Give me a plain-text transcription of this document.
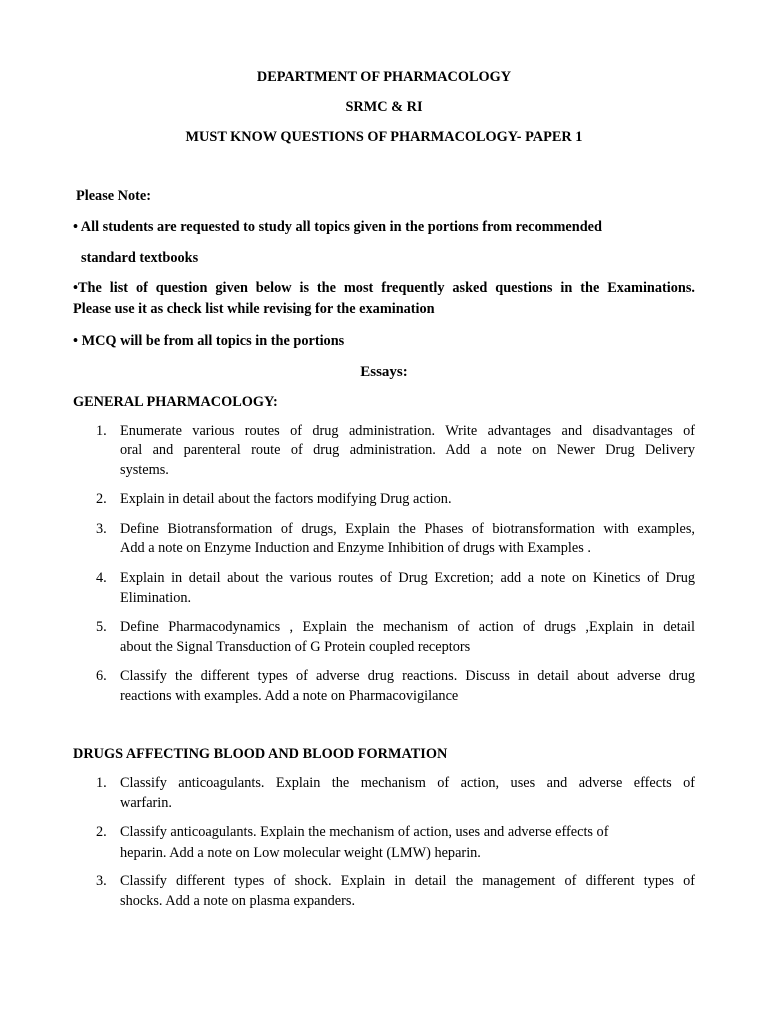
DEPARTMENT OF PHARMACOLOGY
SRMC & RI
MUST KNOW QUESTIONS OF PHARMACOLOGY- PAPER 1
Please Note:
• All students are requested to study all topics given in the portions from recommended
standard textbooks
•The list of question given below is the most frequently asked questions in the Examinations.
Please use it as check list while revising for the examination
• MCQ will be from all topics in the portions
Essays:
GENERAL PHARMACOLOGY:
1. Enumerate various routes of drug administration. Write advantages and disadvantages of
oral and parenteral route of drug administration. Add a note on Newer Drug Delivery
systems.
2. Explain in detail about the factors modifying Drug action.
3. Define Biotransformation of drugs, Explain the Phases of biotransformation with examples,
Add a note on Enzyme Induction and Enzyme Inhibition of drugs with Examples .
4. Explain in detail about the various routes of Drug Excretion; add a note on Kinetics of Drug
Elimination.
5. Define Pharmacodynamics , Explain the mechanism of action of drugs ,Explain in detail
about the Signal Transduction of G Protein coupled receptors
6. Classify the different types of adverse drug reactions. Discuss in detail about adverse drug
reactions with examples. Add a note on Pharmacovigilance
DRUGS AFFECTING BLOOD AND BLOOD FORMATION
1. Classify anticoagulants. Explain the mechanism of action, uses and adverse effects of
warfarin.
2. Classify anticoagulants. Explain the mechanism of action, uses and adverse effects of
heparin. Add a note on Low molecular weight (LMW) heparin.
3. Classify different types of shock. Explain in detail the management of different types of
shocks. Add a note on plasma expanders.
